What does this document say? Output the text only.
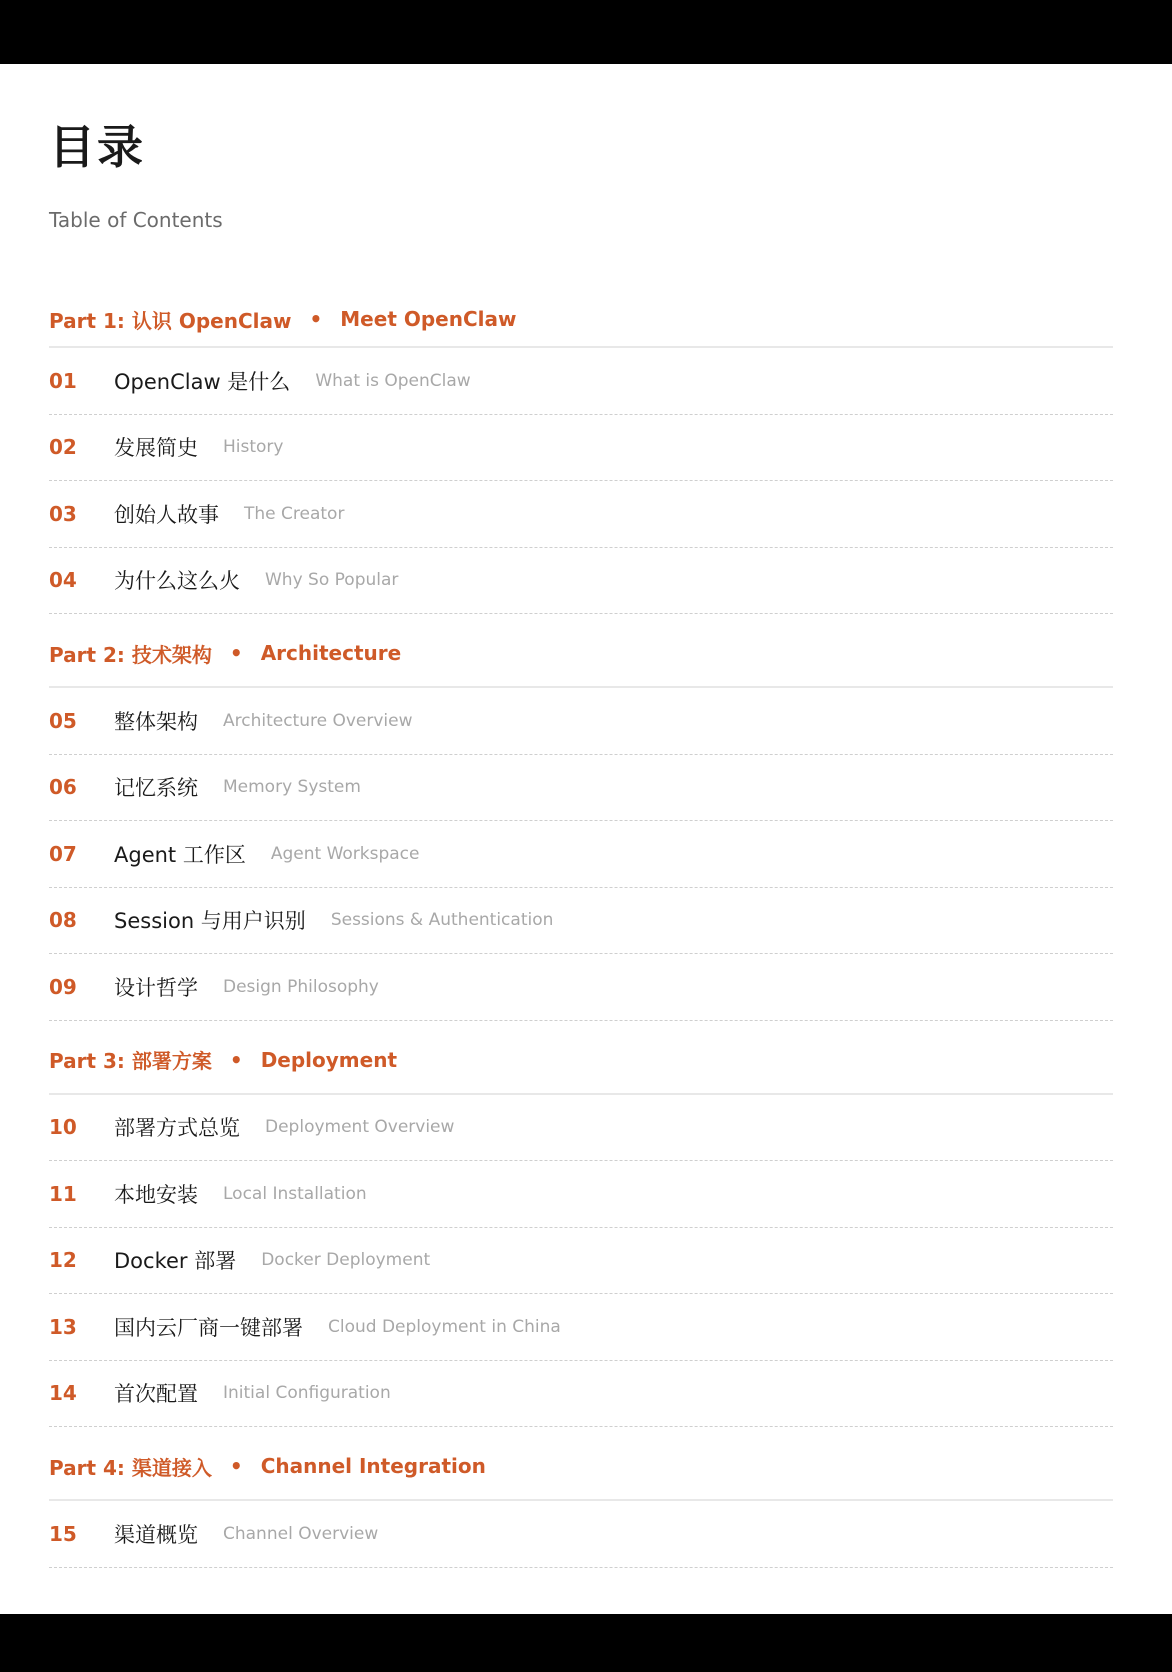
目录
Table of Contents
Part 1: 认识 OpenClaw • Meet OpenClaw
01	OpenClaw 是什么 What is OpenClaw
02	发展简史 History
03	创始人故事 The Creator
04	为什么这么火 Why So Popular
Part 2: 技术架构 • Architecture
05	整体架构 Architecture Overview
06	记忆系统 Memory System
07	Agent 工作区 Agent Workspace
08	Session 与用户识别 Sessions & Authentication
09	设计哲学 Design Philosophy
Part 3: 部署方案 • Deployment
10	部署方式总览 Deployment Overview
11	本地安装 Local Installation
12	Docker 部署 Docker Deployment
13	国内云厂商一键部署 Cloud Deployment in China
14	首次配置 Initial Configuration
Part 4: 渠道接入 • Channel Integration
15	渠道概览 Channel Overview
